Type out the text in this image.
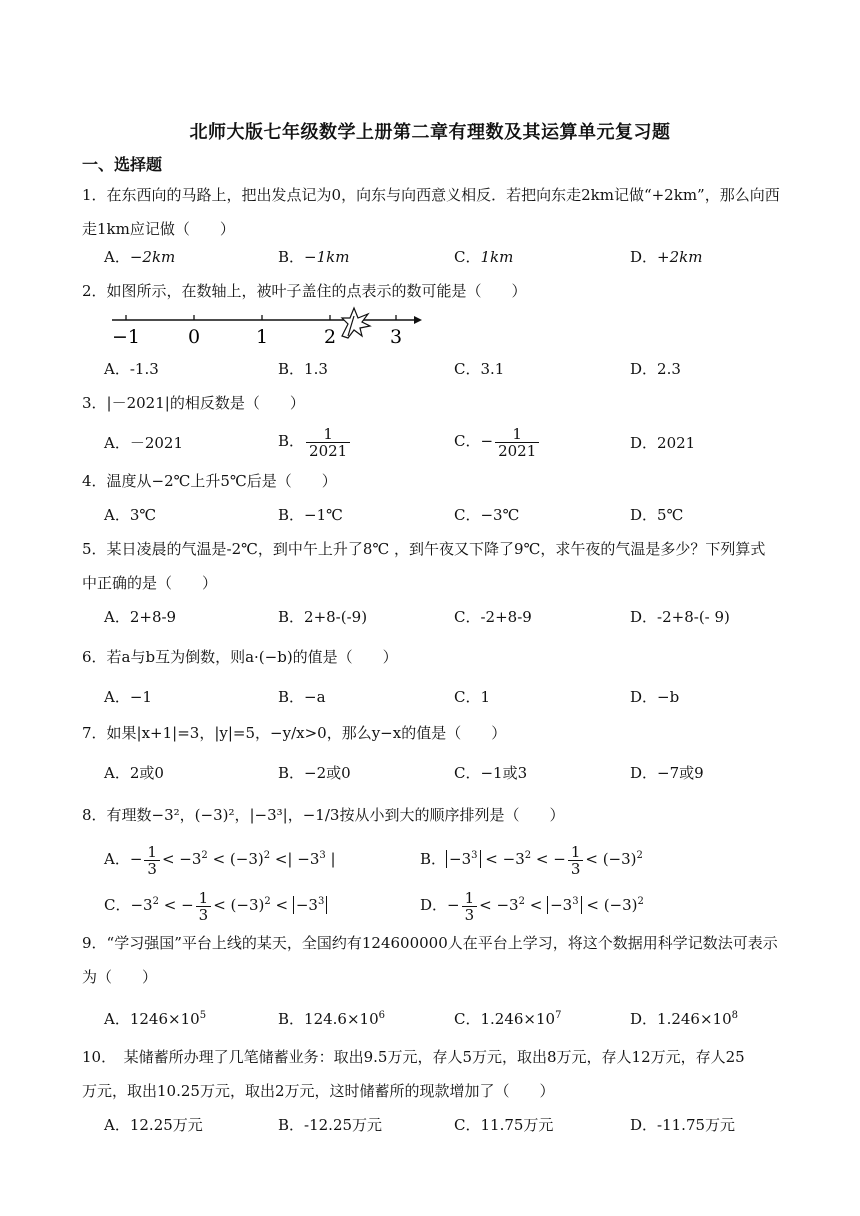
北师大版七年级数学上册第二章有理数及其运算单元复习题
一、选择题
1．在东西向的马路上，把出发点记为0，向东与向西意义相反．若把向东走2km记做“+2km”，那么向西
走1km应记做（　　）
A．−2km	B．−1km	C．1km	D．+2km
2．如图所示，在数轴上，被叶子盖住的点表示的数可能是（　　）
−1	0	1	2	3
A．-1.3	B．1.3	C．3.1	D．2.3
3．|－2021|的相反数是（　　）
A．－2021	B． $\frac{1}{2021}$	C．− $\frac{1}{2021}$	D．2021
4．温度从−2℃上升5℃后是（　　）
A．3℃	B．−1℃	C．−3℃	D．5℃
5．某日凌晨的气温是-2℃，到中午上升了8℃ ，到午夜又下降了9℃，求午夜的气温是多少？下列算式
中正确的是（　　）
A．2+8-9	B．2+8-(-9)	C．-2+8-9	D．-2+8-(- 9)
6．若a与b互为倒数，则a·(−b)的值是（　　）
A．−1	B．−a	C．1	D．−b
7．如果|x+1|=3，|y|=5，−y/x>0，那么y−x的值是（　　）
A．2或0	B．−2或0	C．−1或3	D．−7或9
8．有理数−3²，(−3)²，|−3³|，−1/3按从小到大的顺序排列是（　　）
A．− $\frac{1}{3} < -3^2 < (-3)^2$ <| $-3^3$ |	B． $-3^3 < -3^2$ < − $\frac{1}{3} < (-3)^2$
C．$-3^2$ < − $\frac{1}{3} < (-3)^2 < -3^3$	D．− $\frac{1}{3} < -3^2 < -3^3 < (-3)^2$
9．“学习强国”平台上线的某天，全国约有124600000人在平台上学习，将这个数据用科学记数法可表示
为（　　）
A．$1246\times 10^5$	B．$124.6\times 10^6$	C．$1.246\times 10^7$	D．$1.246\times 10^8$
10．　某储蓄所办理了几笔储蓄业务：取出9.5万元，存人5万元，取出8万元，存人12万元，存人25
万元，取出10.25万元，取出2万元，这时储蓄所的现款增加了（　　）
A．12.25万元	B．-12.25万元	C．11.75万元	D．-11.75万元
